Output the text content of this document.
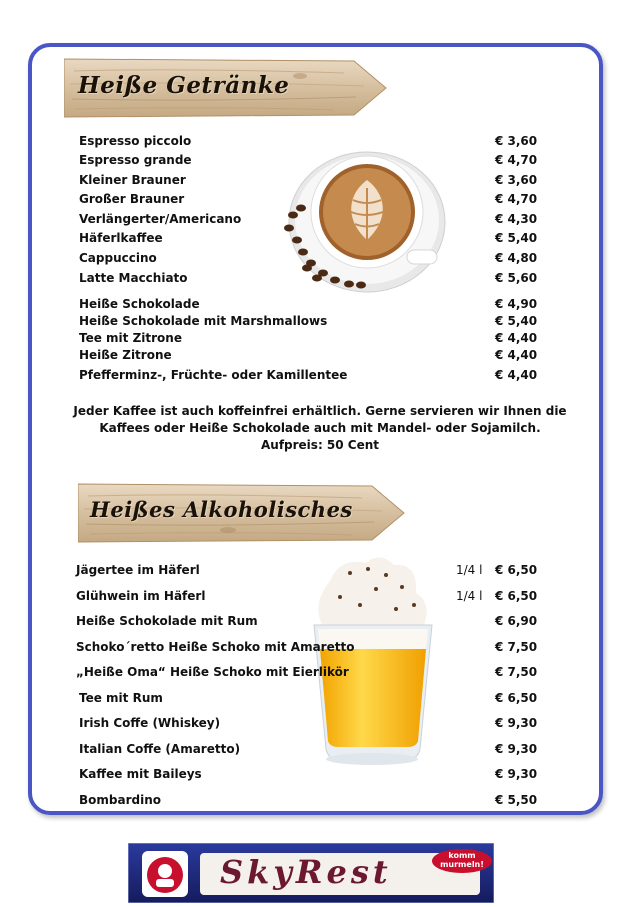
Heiße Getränke
Espresso piccolo	€ 3,60
Espresso grande	€ 4,70
Kleiner Brauner	€ 3,60
Großer Brauner	€ 4,70
Verlängerter/Americano	€ 4,30
Häferlkaffee	€ 5,40
Cappuccino	€ 4,80
Latte Macchiato	€ 5,60
Heiße Schokolade	€ 4,90
Heiße Schokolade mit Marshmallows	€ 5,40
Tee mit Zitrone	€ 4,40
Heiße Zitrone	€ 4,40
Pfefferminz-, Früchte- oder Kamillentee	€ 4,40
Jeder Kaffee ist auch koffeinfrei erhältlich. Gerne servieren wir Ihnen die
Kaffees oder Heiße Schokolade auch mit Mandel- oder Sojamilch.
Aufpreis: 50 Cent
Heißes Alkoholisches
Jägertee im Häferl	1/4 l € 6,50
Glühwein im Häferl	1/4 l € 6,50
Heiße Schokolade mit Rum	€ 6,90
Schoko´retto Heiße Schoko mit Amaretto	€ 7,50
„Heiße Oma“ Heiße Schoko mit Eierlikör	€ 7,50
Tee mit Rum	€ 6,50
Irish Coffe (Whiskey)	€ 9,30
Italian Coffe (Amaretto)	€ 9,30
Kaffee mit Baileys	€ 9,30
Bombardino	€ 5,50
SkyRest	komm murmeln!
